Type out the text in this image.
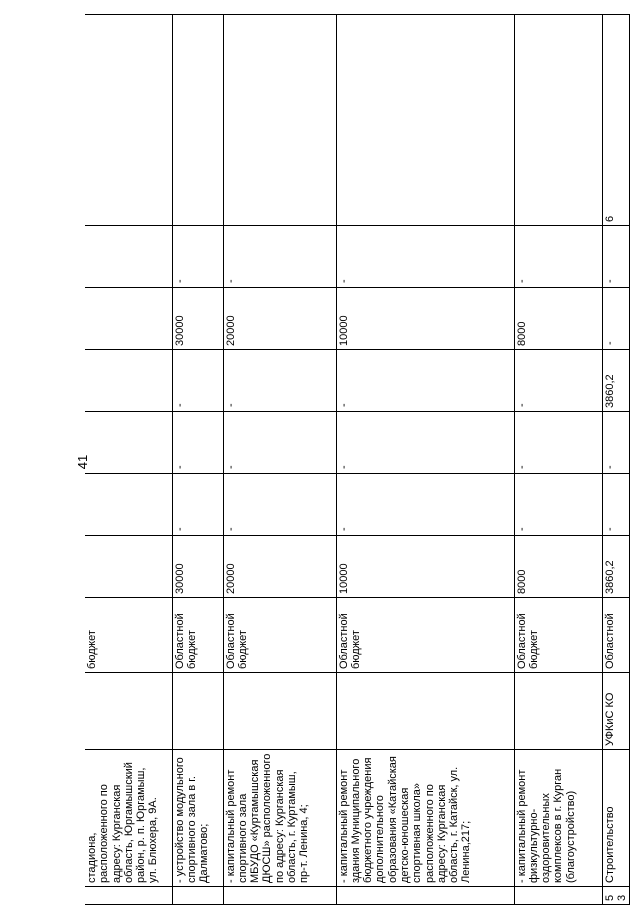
41
	стадиона, расположенного по адресу: Курганская область, Юргамышский район, р. п. Юргамыш, ул. Блюхера, 9А.		бюджет							
	- устройство модульного спортивного зала в г. Далматово;		Областной бюджет	30000	-	-	-	30000	-	
	- капитальный ремонт спортивного зала МБУДО «Куртамышская ДЮСШ» расположенного по адресу: Курганская область, г. Куртамыш, пр-т. Ленина, 4;		Областной бюджет	20000	-	-	-	20000	-	
	- капитальный ремонт здания Муниципального бюджетного учреждения дополнительного образования «Катайская детско-юношеская спортивная школа» расположенного по адресу: Курганская область, г. Катайск, ул. Ленина,217;		Областной бюджет	10000	-	-	-	10000	-	
	- капитальный ремонт физкультурно-оздоровительных комплексов в г. Курган (благоустройство)		Областной бюджет	8000	-	-	-	8000	-	
53	Строительство	УФКиС КО	Областной	3860,2	-	-	3860,2	-	-	6
